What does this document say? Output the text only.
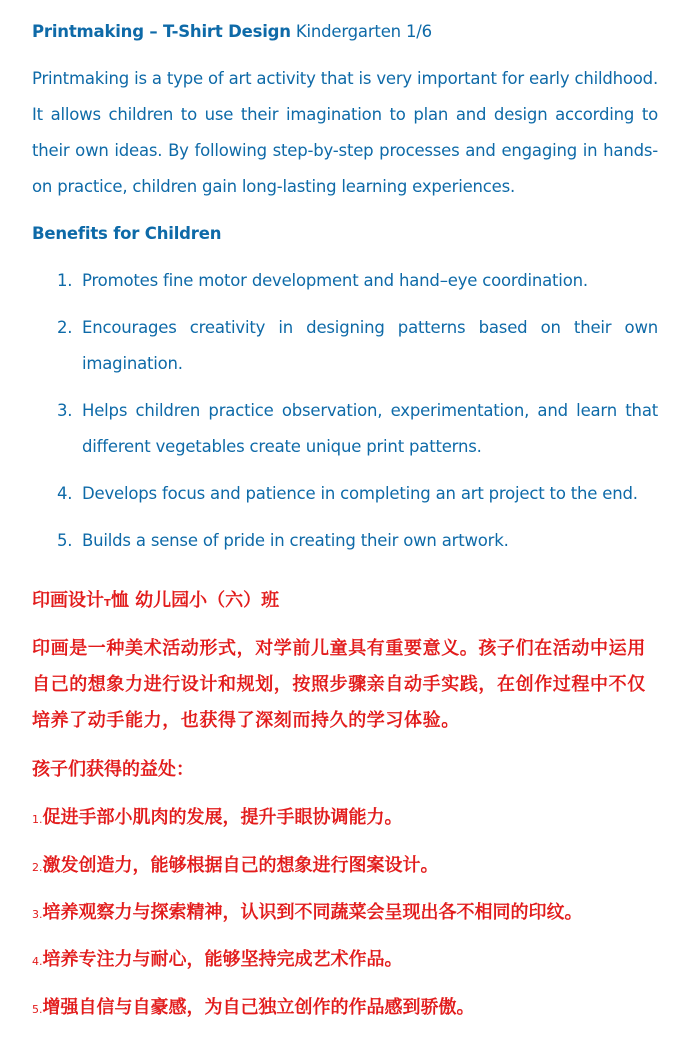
Printmaking – T-Shirt Design Kindergarten 1/6
Printmaking is a type of art activity that is very important for early childhood. It allows children to use their imagination to plan and design according to their own ideas. By following step-by-step processes and engaging in hands-on practice, children gain long-lasting learning experiences.
Benefits for Children
1. Promotes fine motor development and hand–eye coordination.
2. Encourages creativity in designing patterns based on their own imagination.
3. Helps children practice observation, experimentation, and learn that different vegetables create unique print patterns.
4. Develops focus and patience in completing an art project to the end.
5. Builds a sense of pride in creating their own artwork.
印画设计T恤 幼儿园小（六）班
印画是一种美术活动形式，对学前儿童具有重要意义。孩子们在活动中运用自己的想象力进行设计和规划，按照步骤亲自动手实践，在创作过程中不仅培养了动手能力，也获得了深刻而持久的学习体验。
孩子们获得的益处：
1.促进手部小肌肉的发展，提升手眼协调能力。
2.激发创造力，能够根据自己的想象进行图案设计。
3.培养观察力与探索精神，认识到不同蔬菜会呈现出各不相同的印纹。
4.培养专注力与耐心，能够坚持完成艺术作品。
5.增强自信与自豪感，为自己独立创作的作品感到骄傲。
